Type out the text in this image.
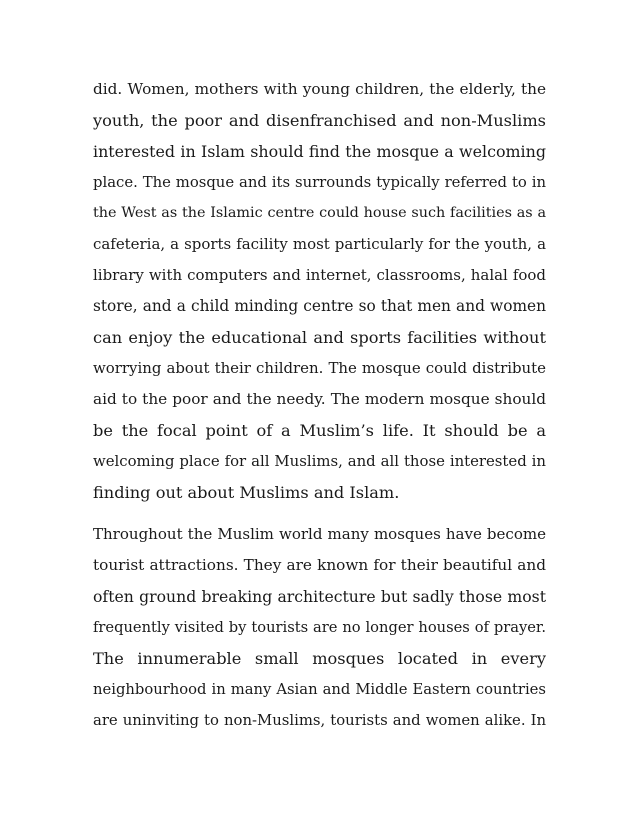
did. Women, mothers with young children, the elderly, the
youth, the poor and disenfranchised and non-Muslims
interested in Islam should find the mosque a welcoming
place. The mosque and its surrounds typically referred to in
the West as the Islamic centre could house such facilities as a
cafeteria, a sports facility most particularly for the youth, a
library with computers and internet, classrooms, halal food
store, and a child minding centre so that men and women
can enjoy the educational and sports facilities without
worrying about their children. The mosque could distribute
aid to the poor and the needy. The modern mosque should
be the focal point of a Muslim’s life. It should be a
welcoming place for all Muslims, and all those interested in
finding out about Muslims and Islam.
Throughout the Muslim world many mosques have become
tourist attractions. They are known for their beautiful and
often ground breaking architecture but sadly those most
frequently visited by tourists are no longer houses of prayer.
The innumerable small mosques located in every
neighbourhood in many Asian and Middle Eastern countries
are uninviting to non-Muslims, tourists and women alike. In
